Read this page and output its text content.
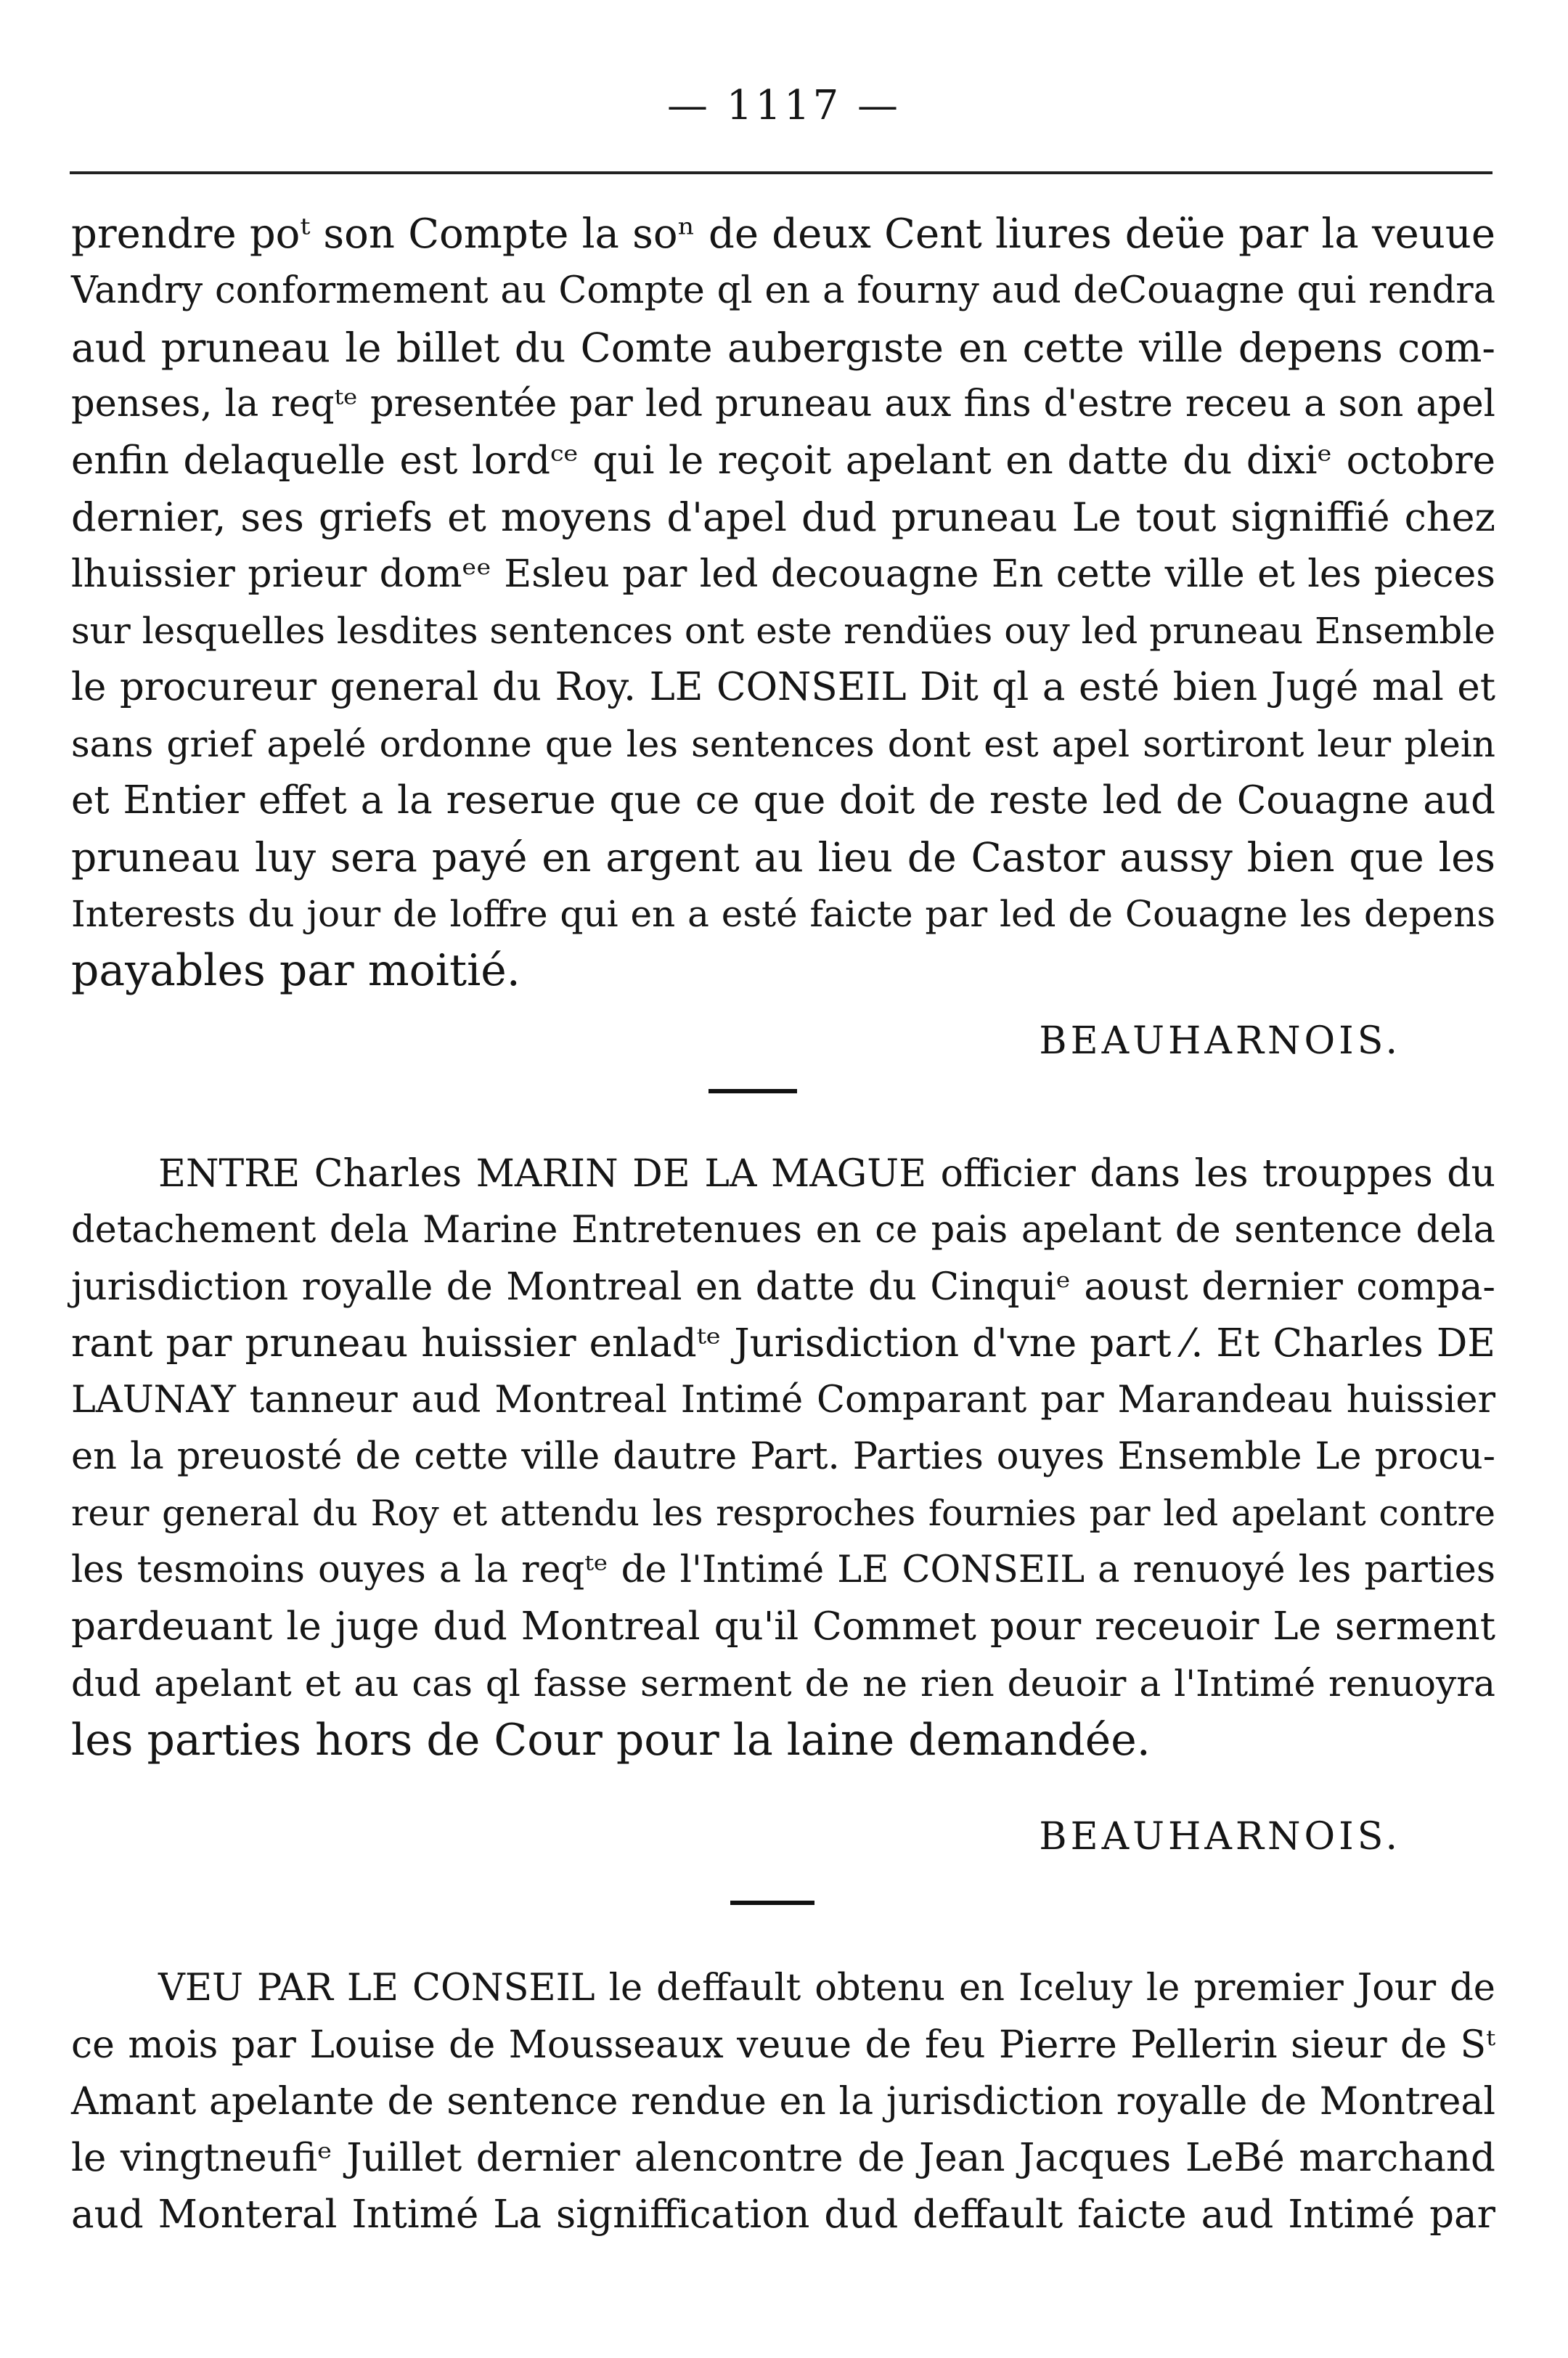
— 1117 —
prendre poᵗ son Compte la soⁿ de deux Cent liures deüe par la veuue
Vandry conformement au Compte ql en a fourny aud deCouagne qui rendra
aud pruneau le billet du Comte aubergıste en cette ville depens com-
penses, la reqᵗᵉ presentée par led pruneau aux fins d'estre receu a son apel
enfin delaquelle est lordᶜᵉ qui le reçoit apelant en datte du dixiᵉ octobre
dernier, ses griefs et moyens d'apel dud pruneau Le tout signiffié chez
lhuissier prieur domᵉᵉ Esleu par led decouagne En cette ville et les pieces
sur lesquelles lesdites sentences ont este rendües ouy led pruneau Ensemble
le procureur general du Roy. LE CONSEIL Dit ql a esté bien Jugé mal et
sans grief apelé ordonne que les sentences dont est apel sortiront leur plein
et Entier effet a la reserue que ce que doit de reste led de Couagne aud
pruneau luy sera payé en argent au lieu de Castor aussy bien que les
Interests du jour de loffre qui en a esté faicte par led de Couagne les depens
payables par moitié.
BEAUHARNOIS.
ENTRE Charles MARIN DE LA MAGUE officier dans les trouppes du
detachement dela Marine Entretenues en ce pais apelant de sentence dela
jurisdiction royalle de Montreal en datte du Cinquiᵉ aoust dernier compa-
rant par pruneau huissier enladᵗᵉ Jurisdiction d'vne part ⁄. Et Charles DE
LAUNAY tanneur aud Montreal Intimé Comparant par Marandeau huissier
en la preuosté de cette ville dautre Part. Parties ouyes Ensemble Le procu-
reur general du Roy et attendu les resproches fournies par led apelant contre
les tesmoins ouyes a la reqᵗᵉ de l'Intimé LE CONSEIL a renuoyé les parties
pardeuant le juge dud Montreal qu'il Commet pour receuoir Le serment
dud apelant et au cas ql fasse serment de ne rien deuoir a l'Intimé renuoyra
les parties hors de Cour pour la laine demandée.
BEAUHARNOIS.
VEU PAR LE CONSEIL le deffault obtenu en Iceluy le premier Jour de
ce mois par Louise de Mousseaux veuue de feu Pierre Pellerin sieur de Sᵗ
Amant apelante de sentence rendue en la jurisdiction royalle de Montreal
le vingtneufiᵉ Juillet dernier alencontre de Jean Jacques LeBé marchand
aud Monteral Intimé La signiffication dud deffault faicte aud Intimé par
